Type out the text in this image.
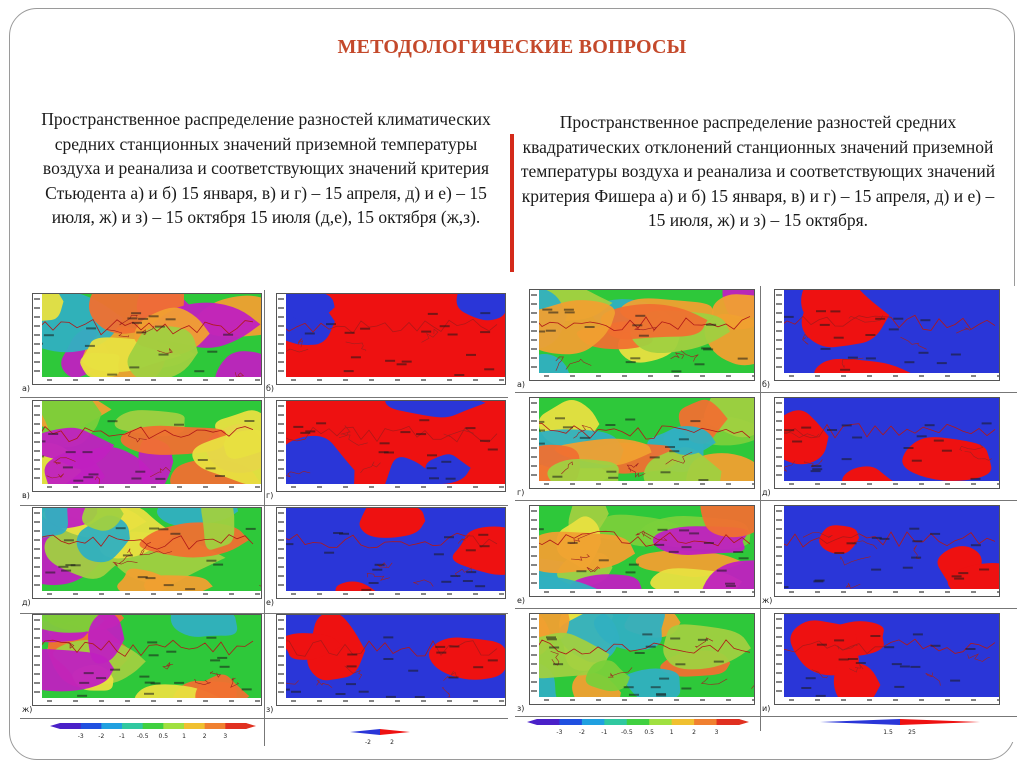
МЕТОДОЛОГИЧЕСКИЕ ВОПРОСЫ
Пространственное распределение разностей климатических средних станционных значений приземной температуры воздуха и реанализа и соответствующих значений критерия Стьюдента а) и б) 15 января, в) и г) – 15 апреля, д) и е) – 15 июля, ж) и з) – 15 октября 15 июля (д,е), 15 октября (ж,з).
Пространственное распределение разностей средних квадратических отклонений станционных значений приземной температуры воздуха и реанализа и соответствующих значений критерия Фишера а) и б) 15 января, в) и г) – 15 апреля, д) и е) – 15 июля, ж) и з) – 15 октября.
а)	б)
в)	г)
д)	е)
ж)	з)
-3 -2 -1 -0.5 0.5 1	2	3
-2	2
а)	б)
г)	д)
е)	ж)
з)	и)
-3	-2	-1 -0.5 0.5	1	2	3	1.5	25
